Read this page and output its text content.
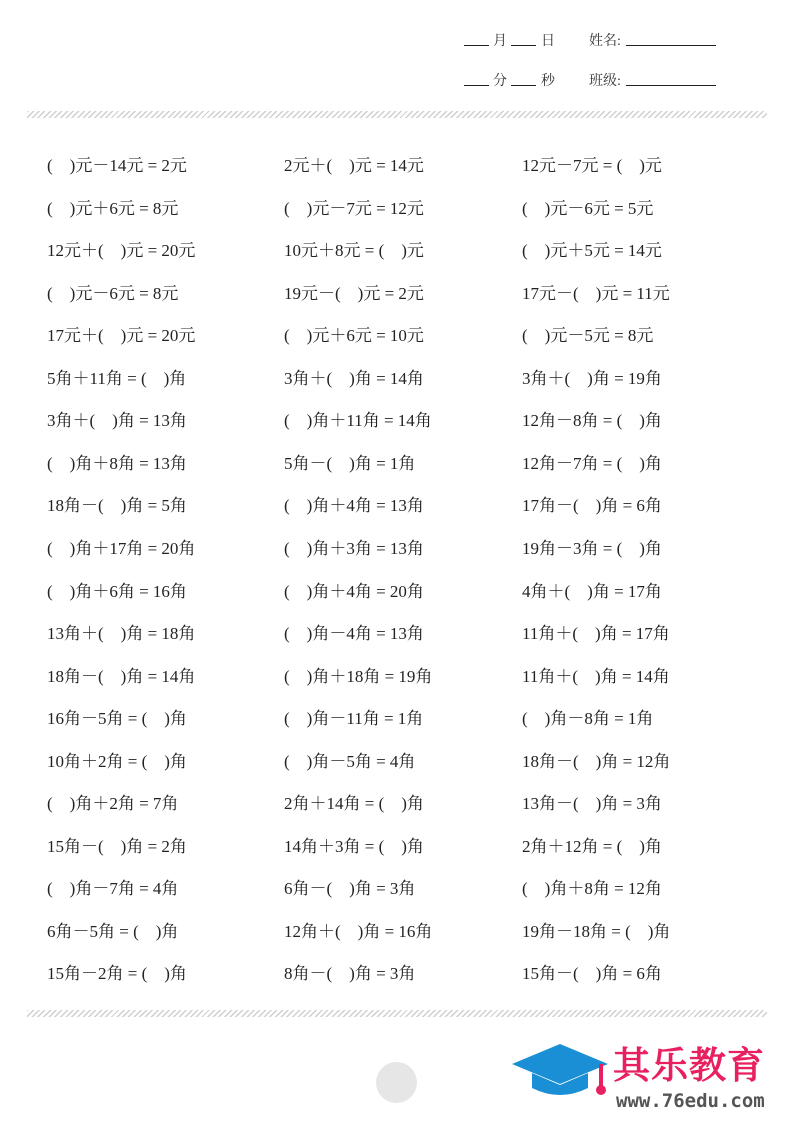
月 日 姓名:
分 秒 班级:
(    )元－14元 = 2元	2元＋(    )元 = 14元	12元－7元 = (    )元
(    )元＋6元 = 8元	(    )元－7元 = 12元	(    )元－6元 = 5元
12元＋(    )元 = 20元	10元＋8元 = (    )元	(    )元＋5元 = 14元
(    )元－6元 = 8元	19元－(    )元 = 2元	17元－(    )元 = 11元
17元＋(    )元 = 20元	(    )元＋6元 = 10元	(    )元－5元 = 8元
5角＋11角 = (    )角	3角＋(    )角 = 14角	3角＋(    )角 = 19角
3角＋(    )角 = 13角	(    )角＋11角 = 14角	12角－8角 = (    )角
(    )角＋8角 = 13角	5角－(    )角 = 1角	12角－7角 = (    )角
18角－(    )角 = 5角	(    )角＋4角 = 13角	17角－(    )角 = 6角
(    )角＋17角 = 20角	(    )角＋3角 = 13角	19角－3角 = (    )角
(    )角＋6角 = 16角	(    )角＋4角 = 20角	4角＋(    )角 = 17角
13角＋(    )角 = 18角	(    )角－4角 = 13角	11角＋(    )角 = 17角
18角－(    )角 = 14角	(    )角＋18角 = 19角	11角＋(    )角 = 14角
16角－5角 = (    )角	(    )角－11角 = 1角	(    )角－8角 = 1角
10角＋2角 = (    )角	(    )角－5角 = 4角	18角－(    )角 = 12角
(    )角＋2角 = 7角	2角＋14角 = (    )角	13角－(    )角 = 3角
15角－(    )角 = 2角	14角＋3角 = (    )角	2角＋12角 = (    )角
(    )角－7角 = 4角	6角－(    )角 = 3角	(    )角＋8角 = 12角
6角－5角 = (    )角	12角＋(    )角 = 16角	19角－18角 = (    )角
15角－2角 = (    )角	8角－(    )角 = 3角	15角－(    )角 = 6角
其乐教育
www.76edu.com
